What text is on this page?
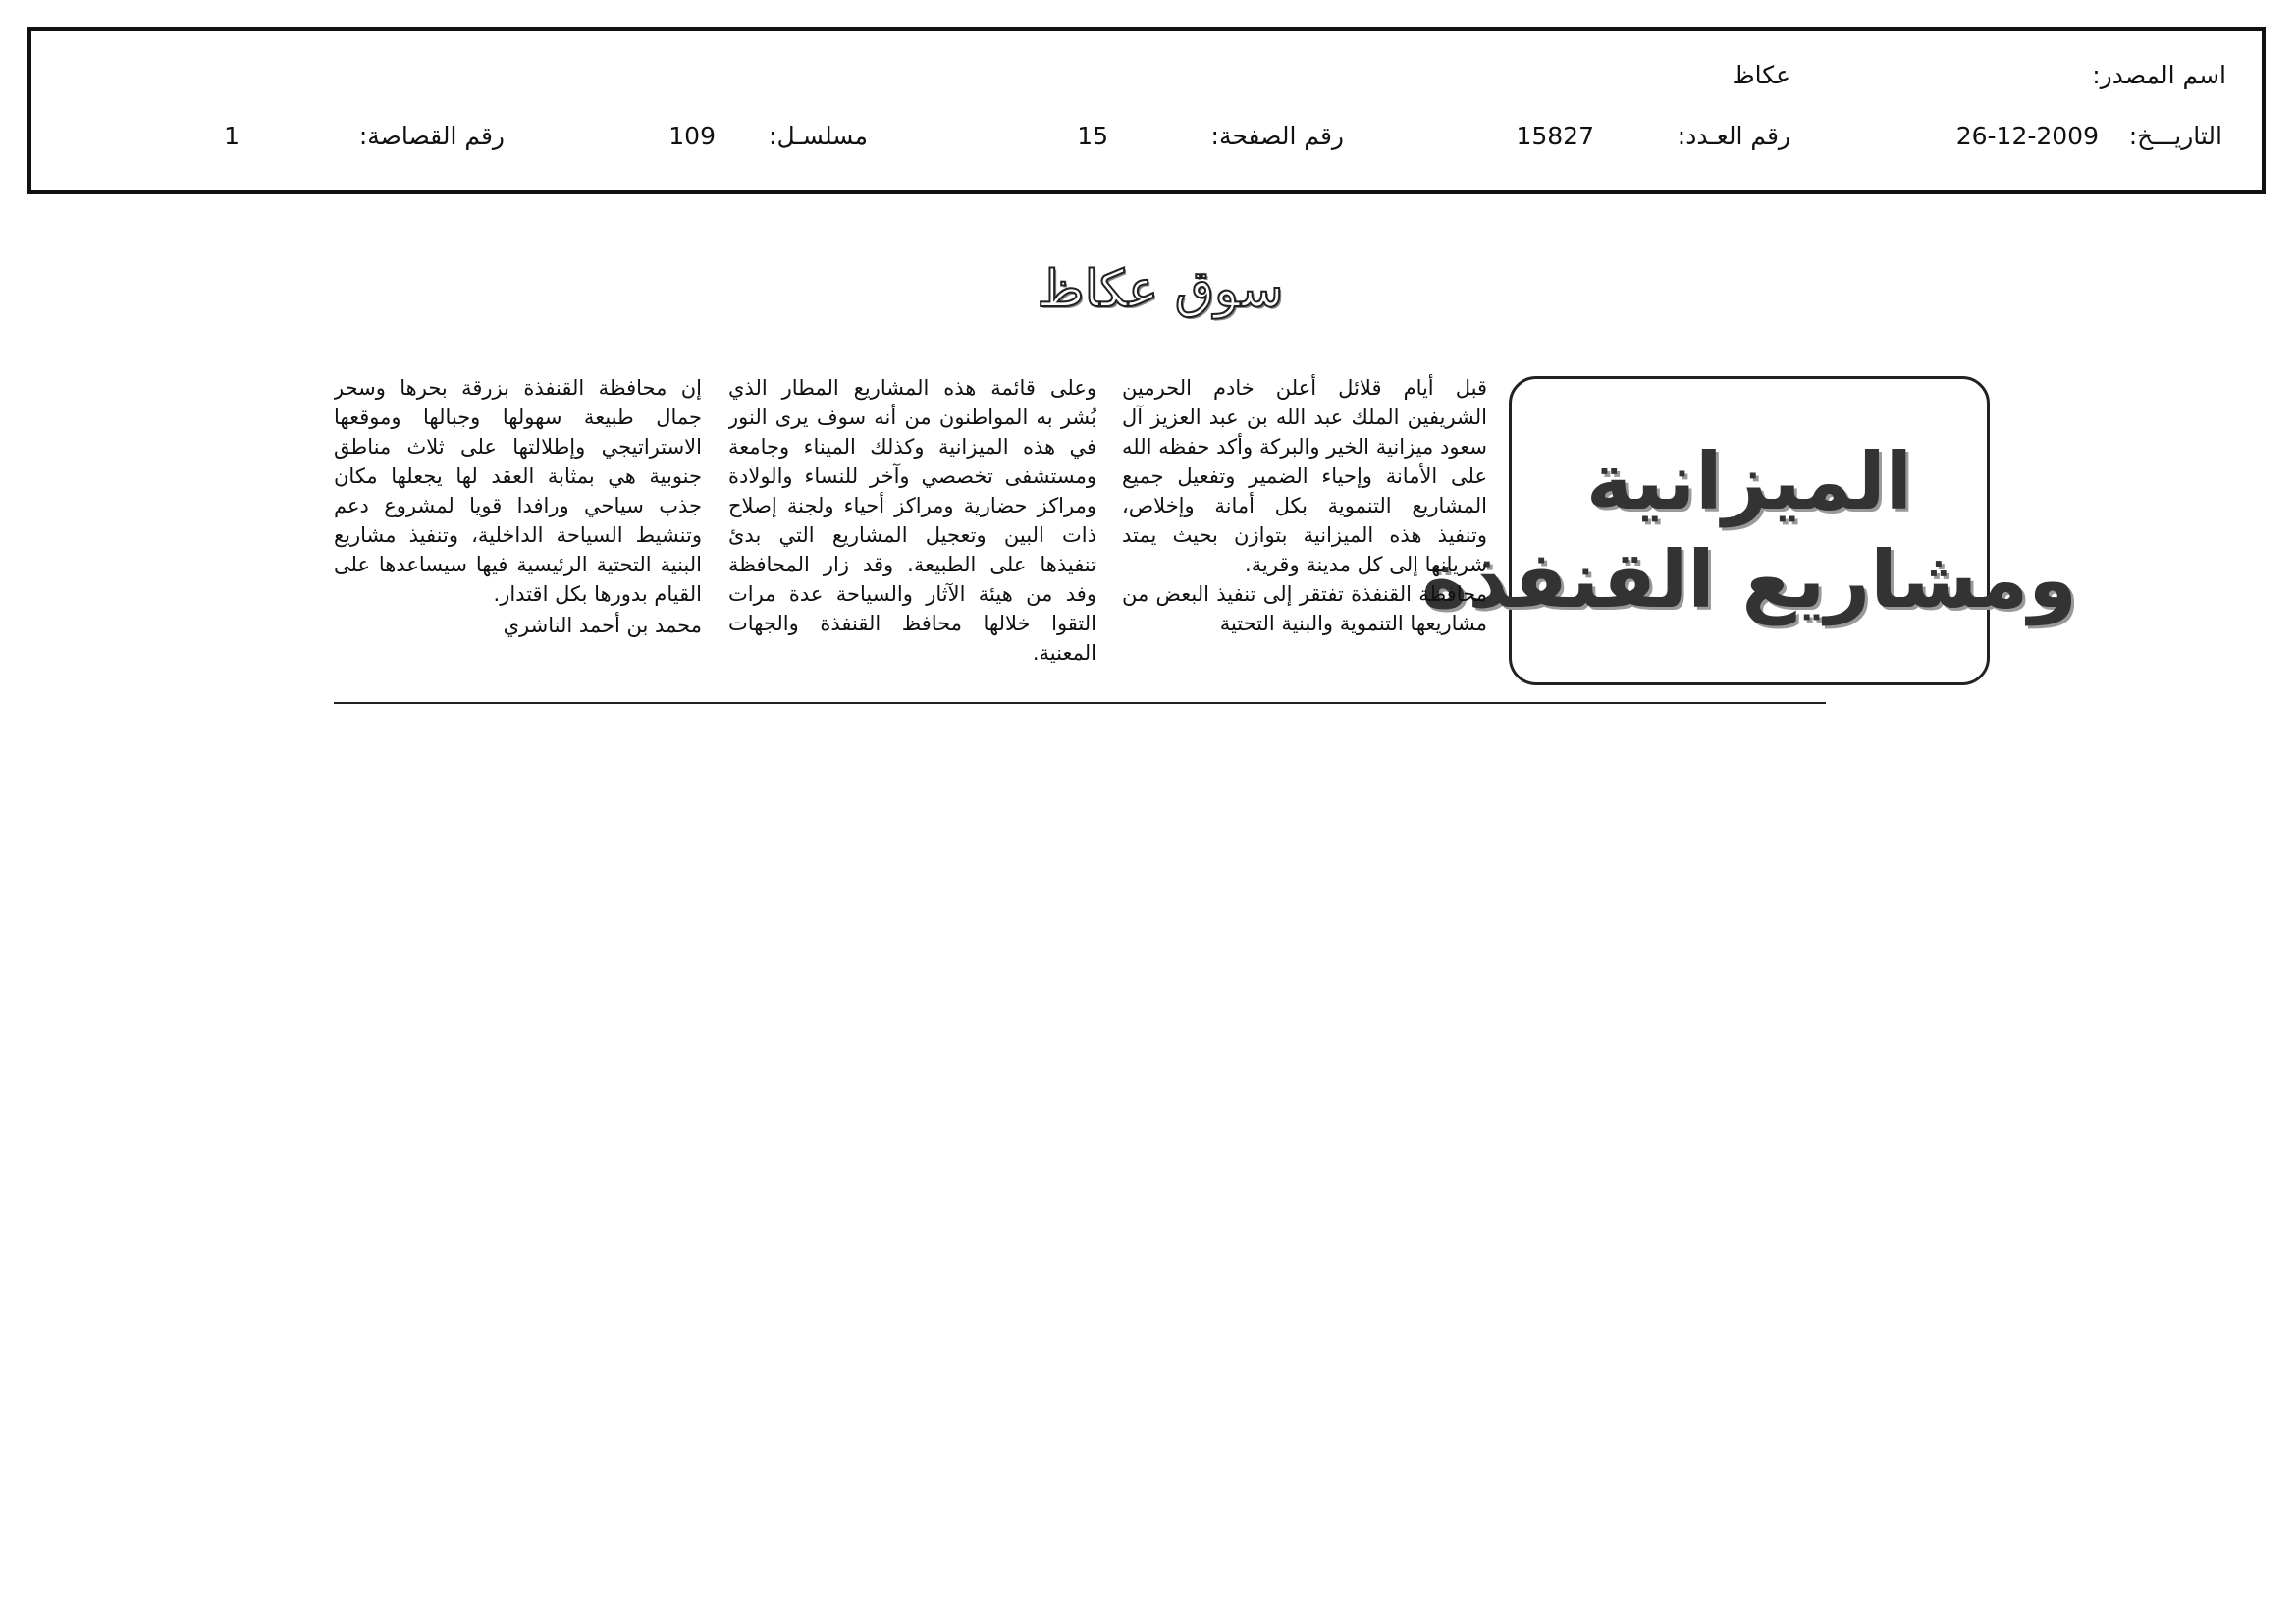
اسم المصدر:
عكاظ
التاريـــخ:
26-12-2009
رقم العـدد:
15827
رقم الصفحة:
15
مسلسـل:
109
رقم القصاصة:
1
سوق عكاظ
الميزانية
ومشاريع القنفذة

قبل أيام قلائل أعلن خادم الحرمين الشريفين الملك عبد الله بن عبد العزيز آل سعود ميزانية الخير والبركة وأكد حفظه الله على الأمانة وإحياء الضمير وتفعيل جميع المشاريع التنموية بكل أمانة وإخلاص، وتنفيذ هذه الميزانية بتوازن بحيث يمتد شريانها إلى كل مدينة وقرية.

محافظة القنفذة تفتقر إلى تنفيذ البعض من مشاريعها التنموية والبنية التحتية

وعلى قائمة هذه المشاريع المطار الذي بُشر به المواطنون من أنه سوف يرى النور في هذه الميزانية وكذلك الميناء وجامعة ومستشفى تخصصي وآخر للنساء والولادة ومراكز حضارية ومراكز أحياء ولجنة إصلاح ذات البين وتعجيل المشاريع التي بدئ تنفيذها على الطبيعة. وقد زار المحافظة وفد من هيئة الآثار والسياحة عدة مرات التقوا خلالها محافظ القنفذة والجهات المعنية.

إن محافظة القنفذة بزرقة بحرها وسحر جمال طبيعة سهولها وجبالها وموقعها الاستراتيجي وإطلالتها على ثلاث مناطق جنوبية هي بمثابة العقد لها يجعلها مكان جذب سياحي ورافدا قويا لمشروع دعم وتنشيط السياحة الداخلية، وتنفيذ مشاريع البنية التحتية الرئيسية فيها سيساعدها على القيام بدورها بكل اقتدار.

محمد بن أحمد الناشري
